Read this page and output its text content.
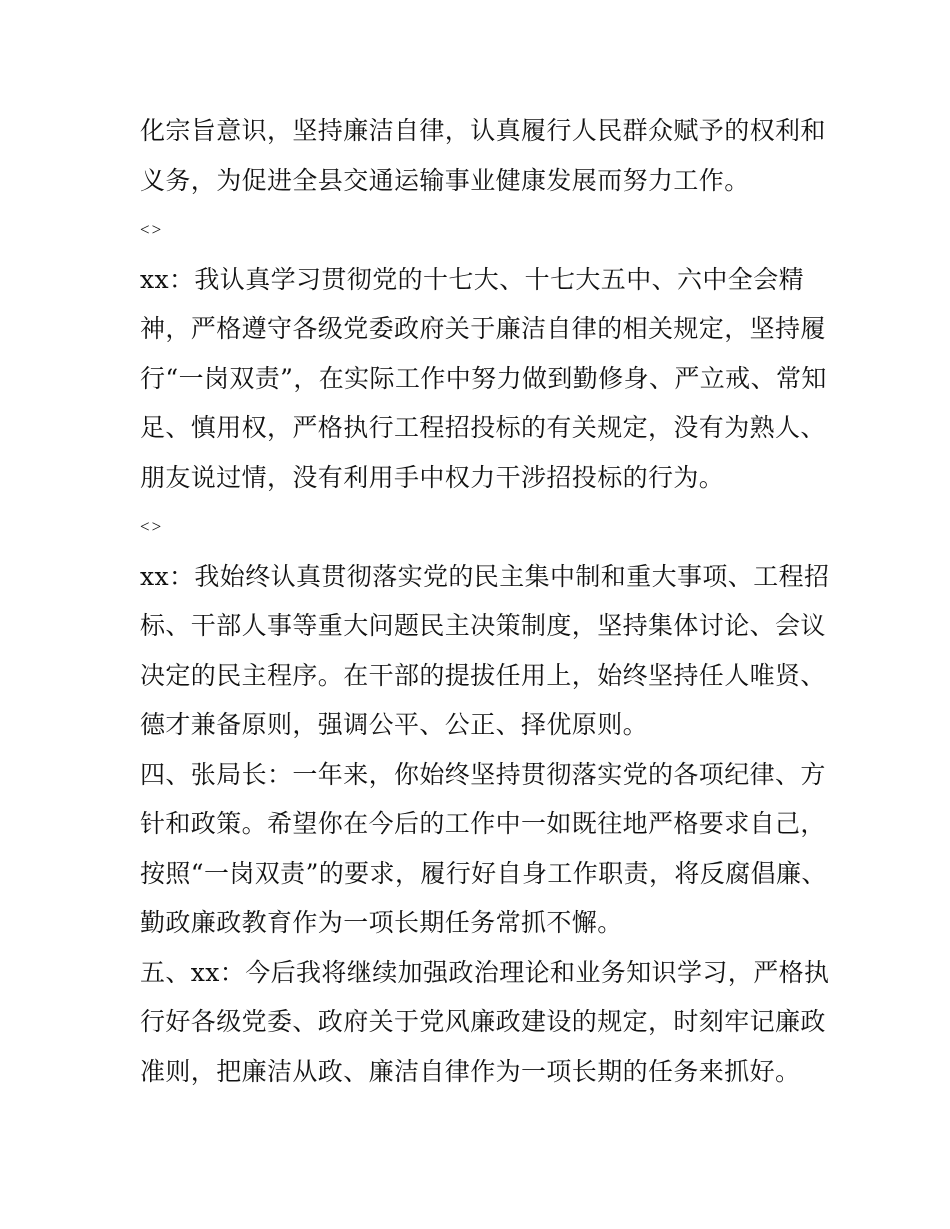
化宗旨意识，坚持廉洁自律，认真履行人民群众赋予的权利和
义务，为促进全县交通运输事业健康发展而努力工作。
<>
xx：我认真学习贯彻党的十七大、十七大五中、六中全会精
神，严格遵守各级党委政府关于廉洁自律的相关规定，坚持履
行“一岗双责”，在实际工作中努力做到勤修身、严立戒、常知
足、慎用权，严格执行工程招投标的有关规定，没有为熟人、
朋友说过情，没有利用手中权力干涉招投标的行为。
<>
xx：我始终认真贯彻落实党的民主集中制和重大事项、工程招
标、干部人事等重大问题民主决策制度，坚持集体讨论、会议
决定的民主程序。在干部的提拔任用上，始终坚持任人唯贤、
德才兼备原则，强调公平、公正、择优原则。
四、张局长：一年来，你始终坚持贯彻落实党的各项纪律、方
针和政策。希望你在今后的工作中一如既往地严格要求自己，
按照“一岗双责”的要求，履行好自身工作职责，将反腐倡廉、
勤政廉政教育作为一项长期任务常抓不懈。
五、xx：今后我将继续加强政治理论和业务知识学习，严格执
行好各级党委、政府关于党风廉政建设的规定，时刻牢记廉政
准则，把廉洁从政、廉洁自律作为一项长期的任务来抓好。
